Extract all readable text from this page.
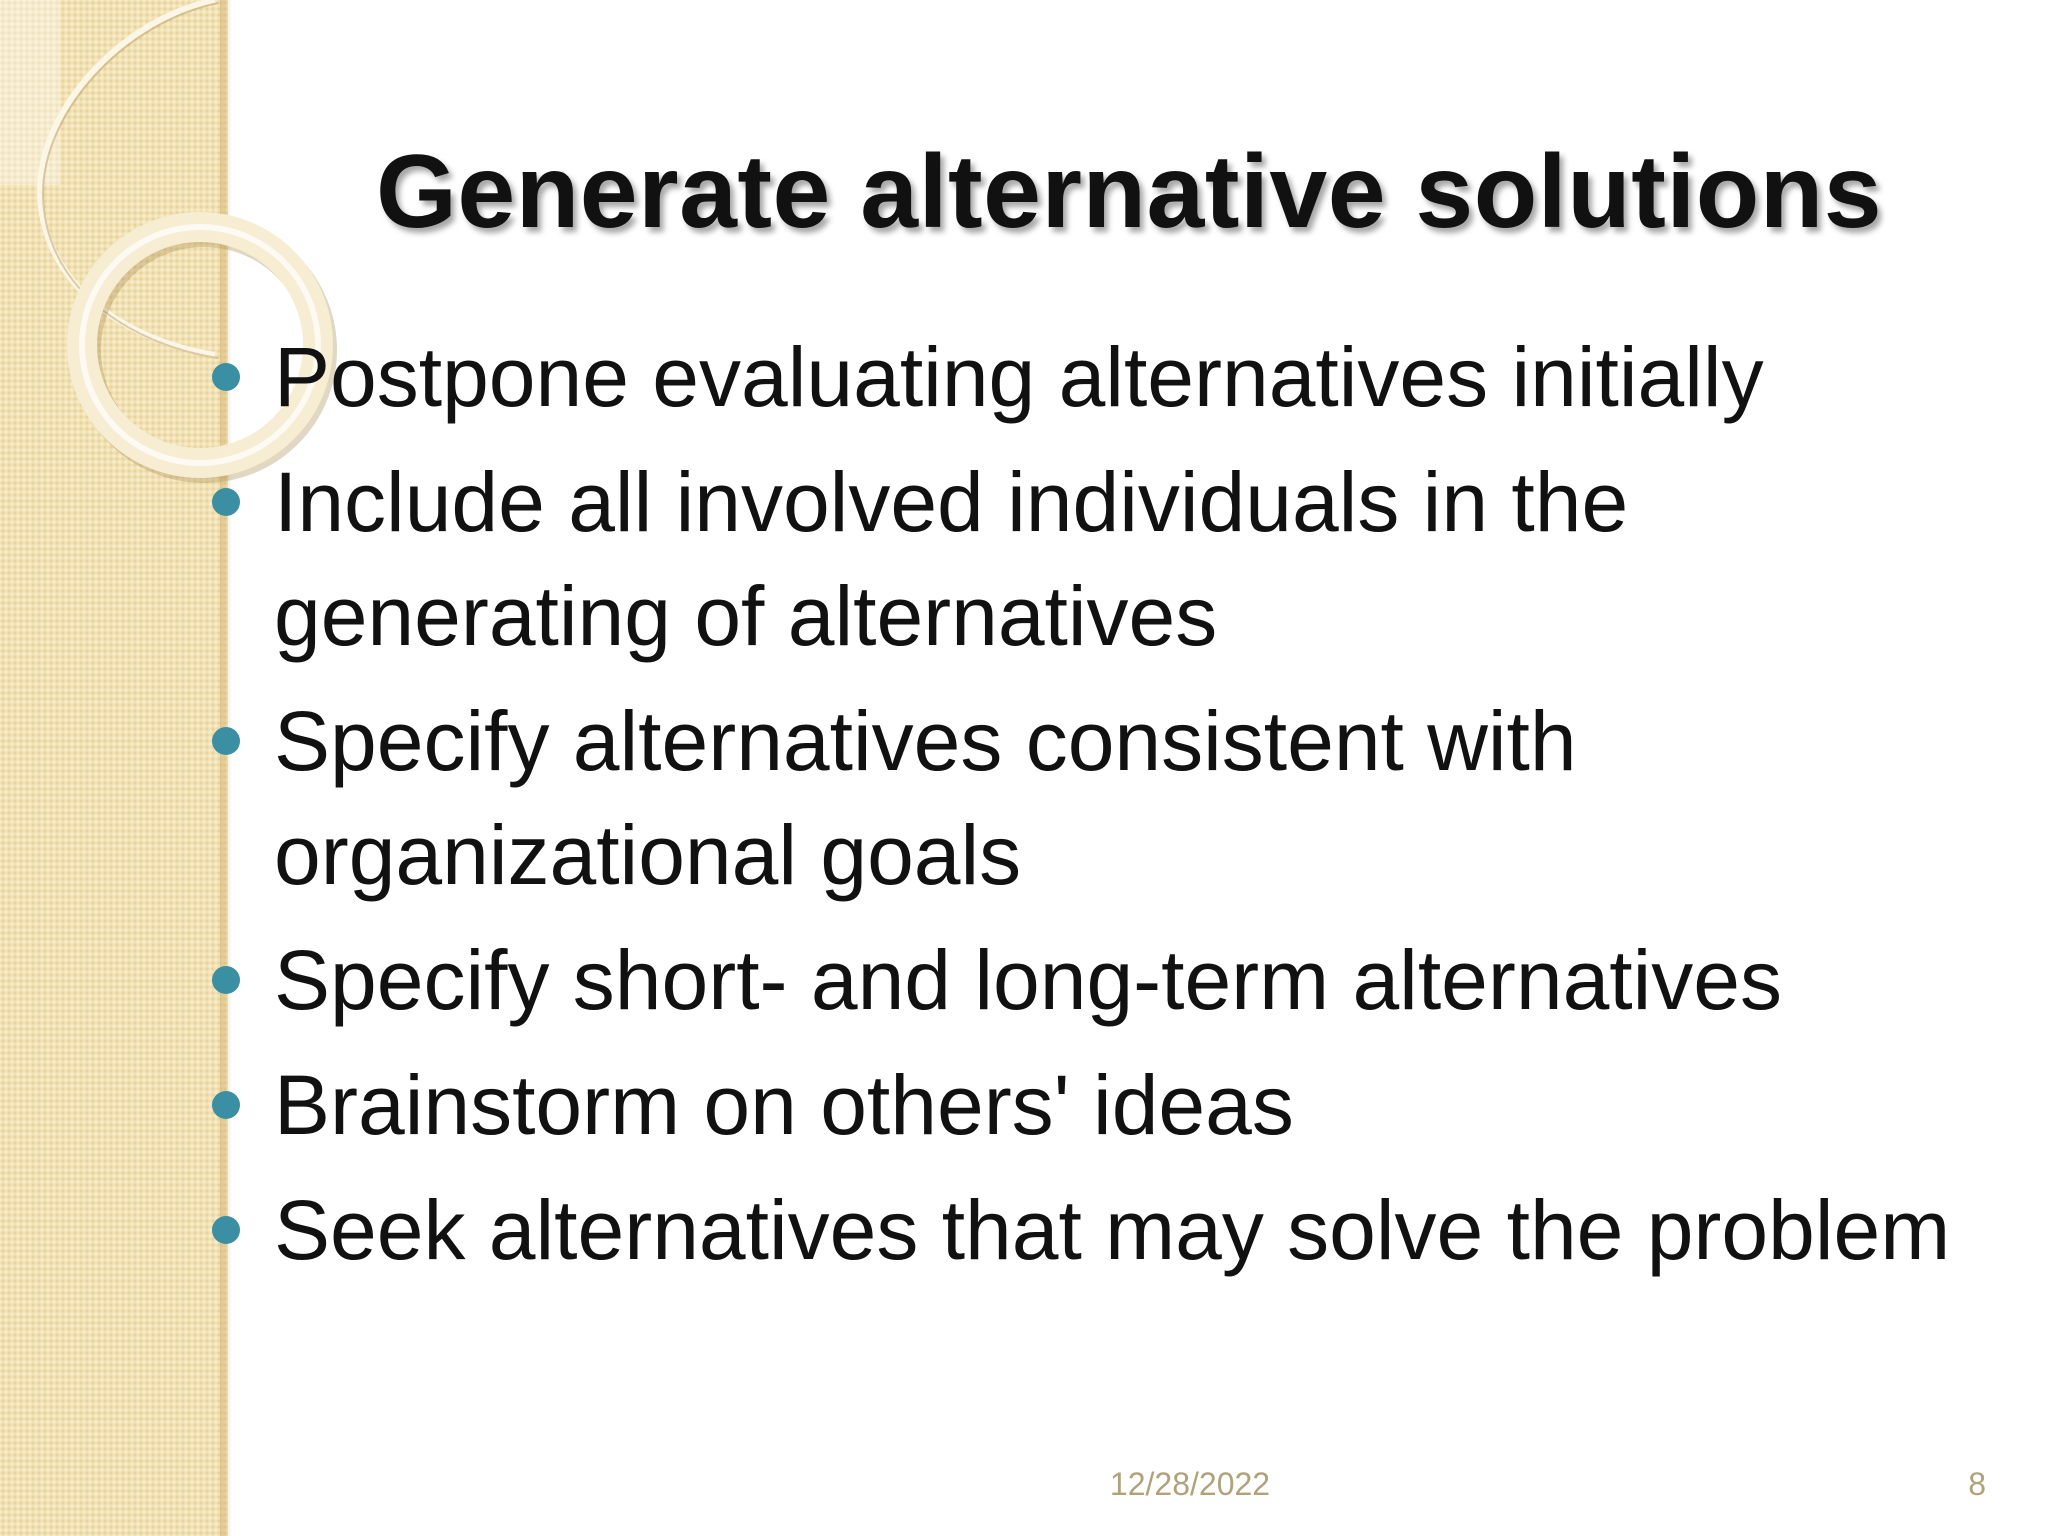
Generate alternative solutions
Postpone evaluating alternatives initially
Include all involved individuals in the generating of alternatives
Specify alternatives consistent with organizational goals
Specify short- and long-term alternatives
Brainstorm on others' ideas
Seek alternatives that may solve the problem
12/28/2022	8
